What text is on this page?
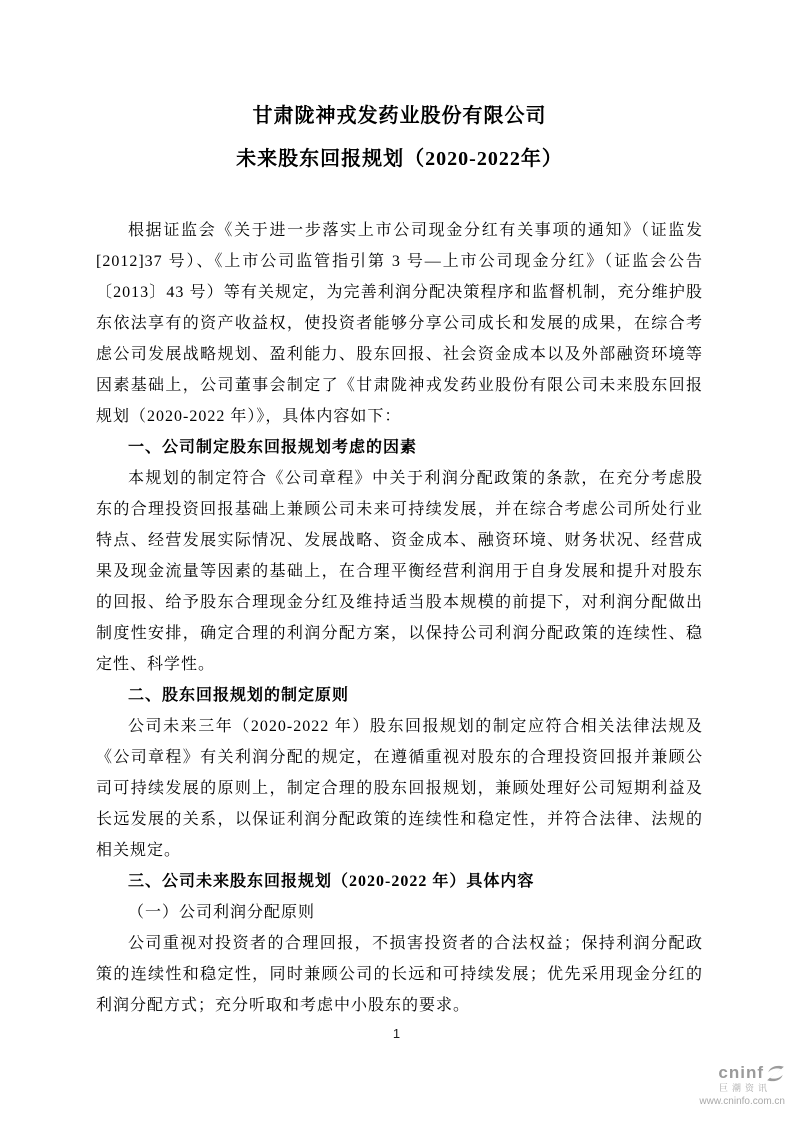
甘肃陇神戎发药业股份有限公司
未来股东回报规划（2020-2022年）

根据证监会《关于进一步落实上市公司现金分红有关事项的通知》（证监发[2012]37 号）、《上市公司监管指引第 3 号—上市公司现金分红》（证监会公告〔2013〕43 号）等有关规定，为完善利润分配决策程序和监督机制，充分维护股东依法享有的资产收益权，使投资者能够分享公司成长和发展的成果，在综合考虑公司发展战略规划、盈利能力、股东回报、社会资金成本以及外部融资环境等因素基础上，公司董事会制定了《甘肃陇神戎发药业股份有限公司未来股东回报规划（2020-2022 年）》，具体内容如下：

一、公司制定股东回报规划考虑的因素

本规划的制定符合《公司章程》中关于利润分配政策的条款，在充分考虑股东的合理投资回报基础上兼顾公司未来可持续发展，并在综合考虑公司所处行业特点、经营发展实际情况、发展战略、资金成本、融资环境、财务状况、经营成果及现金流量等因素的基础上，在合理平衡经营利润用于自身发展和提升对股东的回报、给予股东合理现金分红及维持适当股本规模的前提下，对利润分配做出制度性安排，确定合理的利润分配方案，以保持公司利润分配政策的连续性、稳定性、科学性。

二、股东回报规划的制定原则

公司未来三年（2020-2022 年）股东回报规划的制定应符合相关法律法规及《公司章程》有关利润分配的规定，在遵循重视对股东的合理投资回报并兼顾公司可持续发展的原则上，制定合理的股东回报规划，兼顾处理好公司短期利益及长远发展的关系，以保证利润分配政策的连续性和稳定性，并符合法律、法规的相关规定。

三、公司未来股东回报规划（2020-2022 年）具体内容

（一）公司利润分配原则

公司重视对投资者的合理回报，不损害投资者的合法权益；保持利润分配政策的连续性和稳定性，同时兼顾公司的长远和可持续发展；优先采用现金分红的利润分配方式；充分听取和考虑中小股东的要求。

1
cninf
巨潮资讯
www.cninfo.com.cn
